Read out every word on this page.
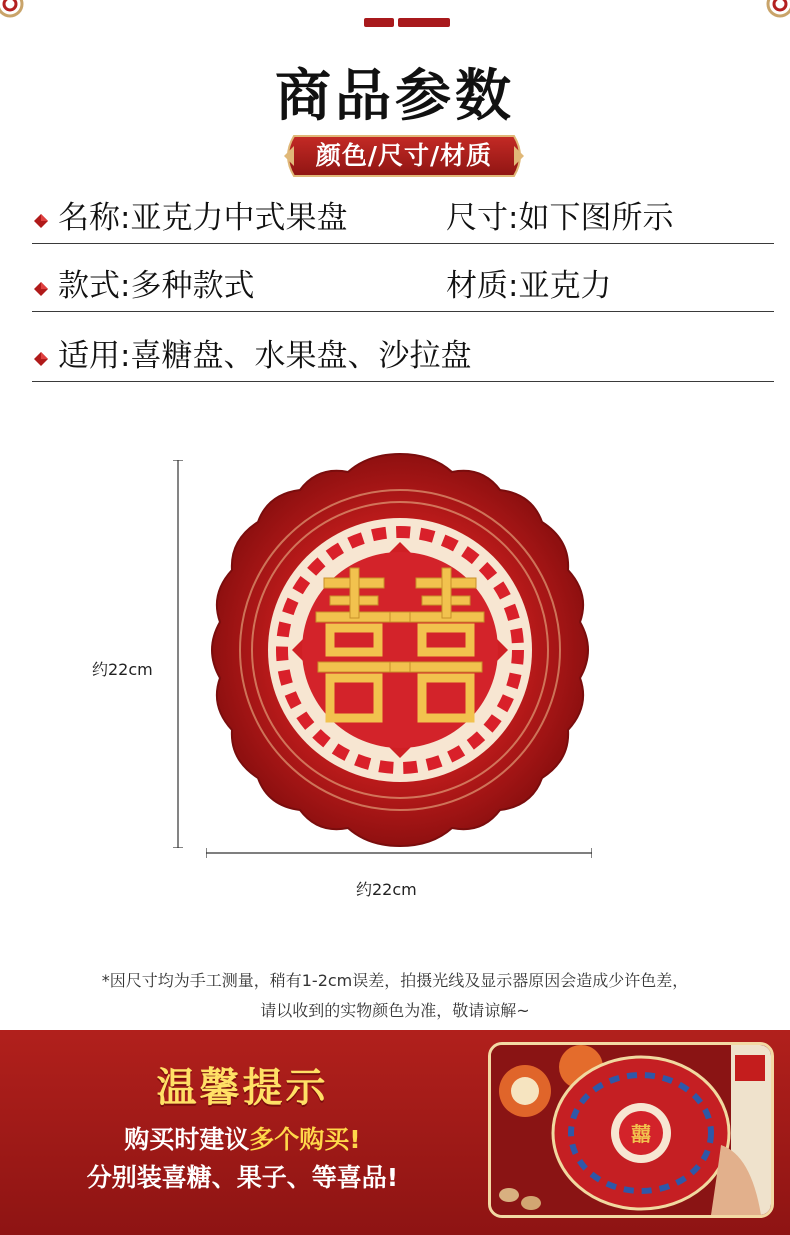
商品参数
颜色/尺寸/材质
名称:亚克力中式果盘	尺寸:如下图所示
款式:多种款式	材质:亚克力
适用:喜糖盘、水果盘、沙拉盘
约22cm
约22cm
*因尺寸均为手工测量，稍有1-2cm误差，拍摄光线及显示器原因会造成少许色差，
请以收到的实物颜色为准，敬请谅解~
温馨提示
购买时建议多个购买!
分别装喜糖、果子、等喜品!
囍
